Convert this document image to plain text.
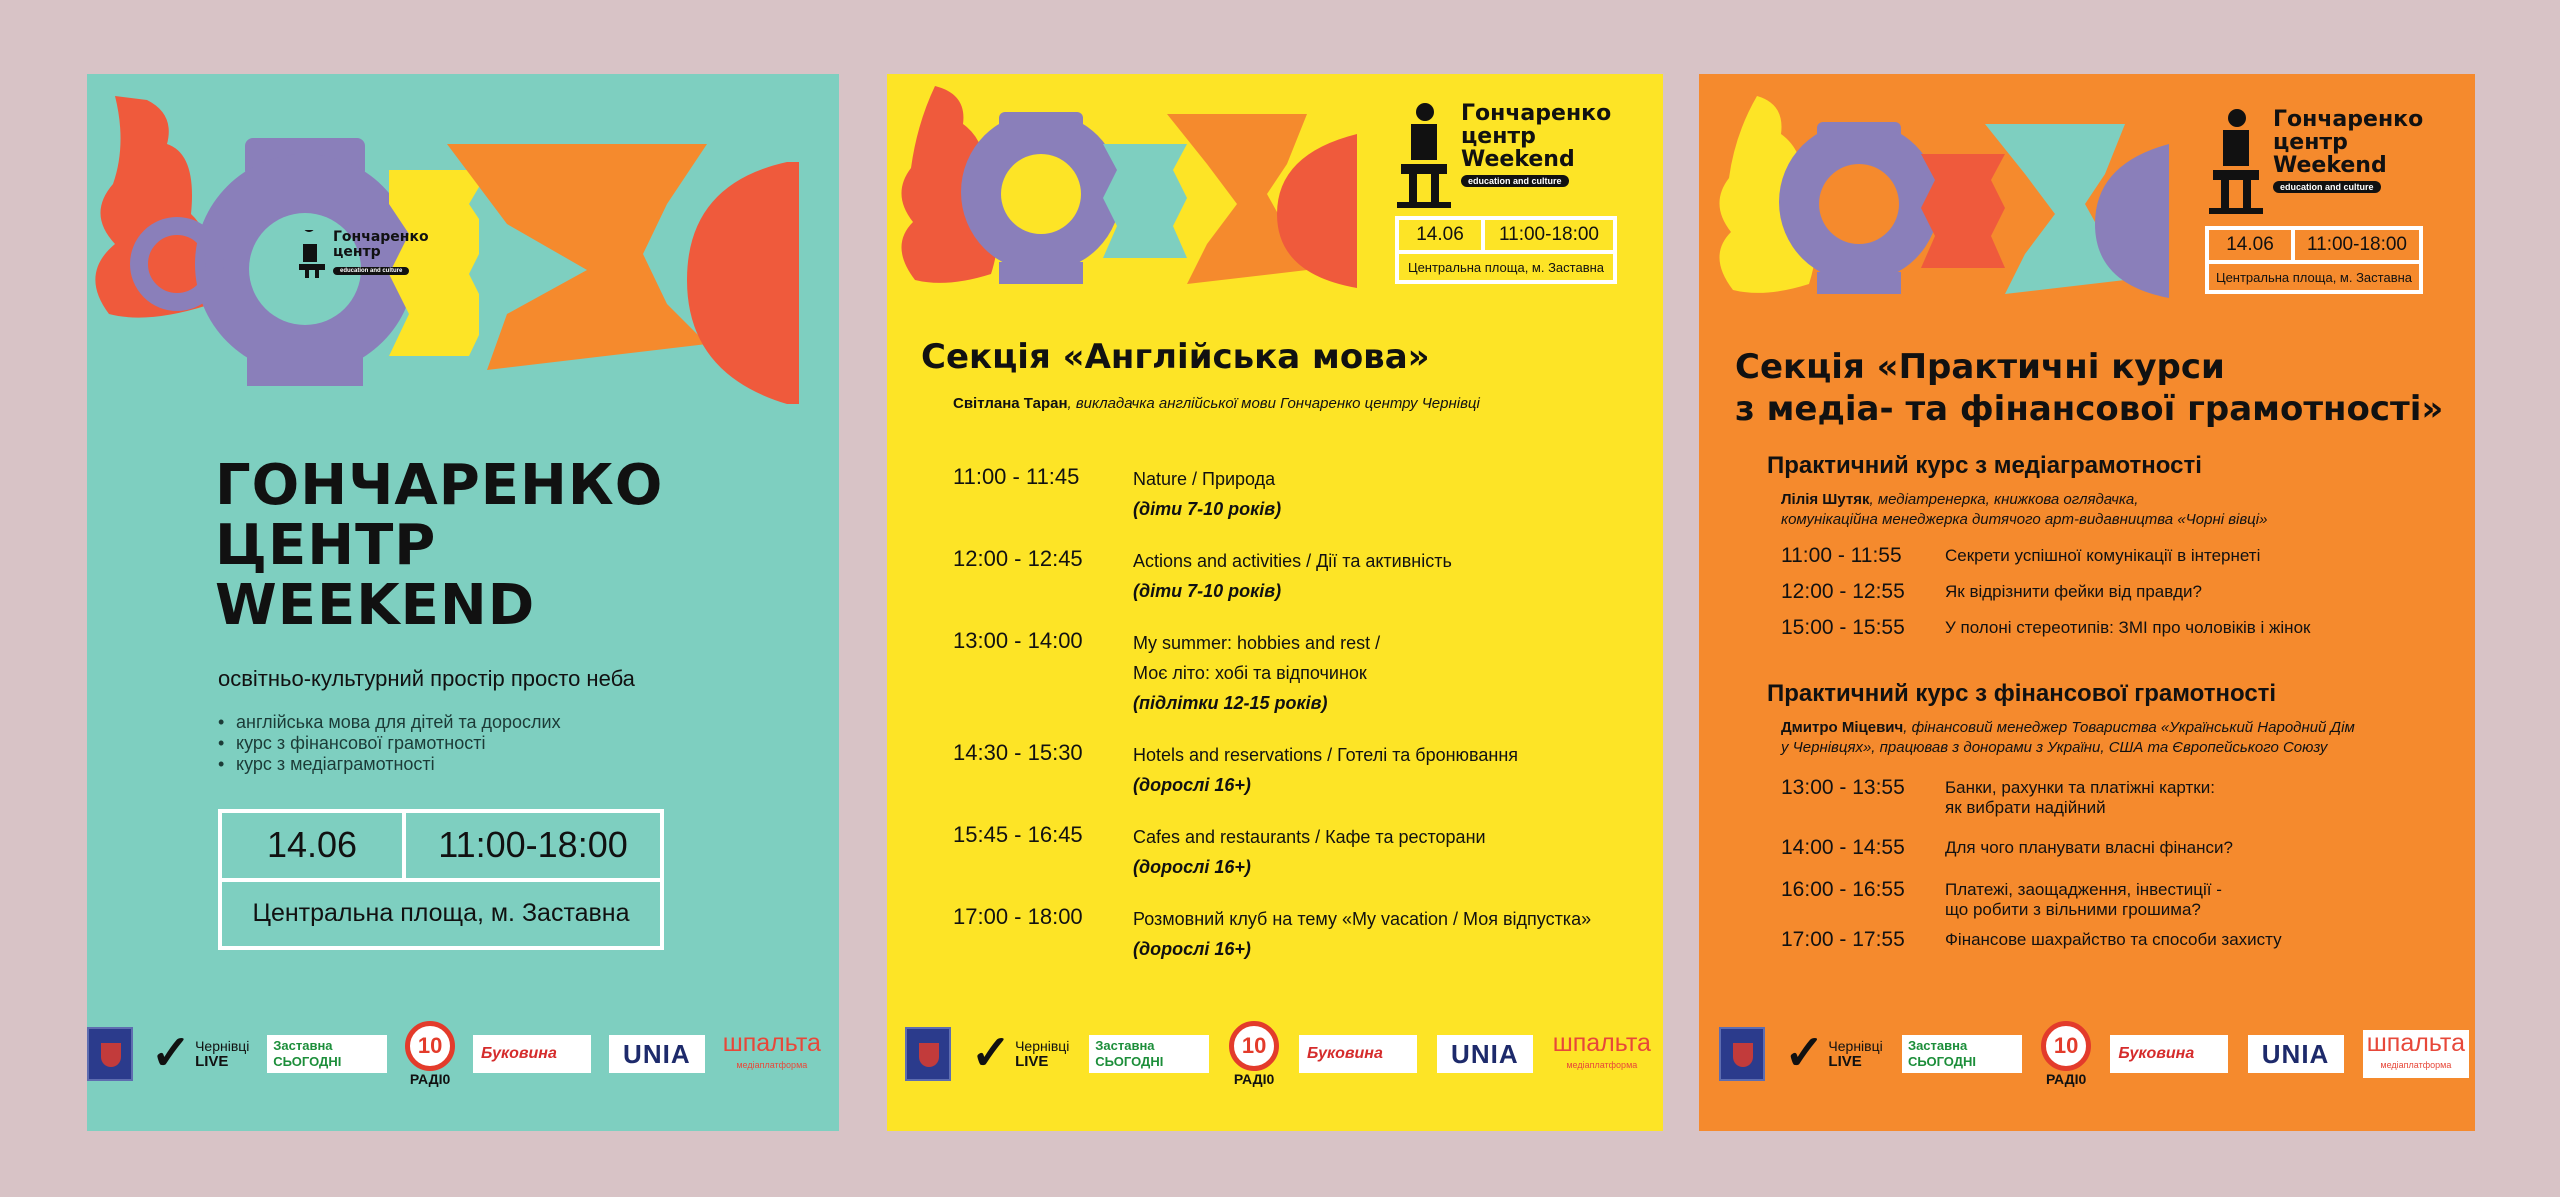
Гончаренко
центр
education and culture
ГОНЧАРЕНКО
ЦЕНТР
WEEKEND
освітньо-культурний простір просто неба
• англійська мова для дітей та дорослих
• курс з фінансової грамотності
• курс з медіаграмотності
14.06	11:00-18:00
Центральна площа, м. Заставна
✓ Чернівці
LIVE
Заставна
СЬОГОДНІ
10
РАДІ0
Буковина	UNIA	шпальта
медіаплатформа
Гончаренко
центр
Weekend
education and culture
14.06	11:00-18:00
Центральна площа, м. Заставна
Секція «Англійська мова»
Світлана Таран, викладачка англійської мови Гончаренко центру Чернівці
11:00 - 11:45	Nature / Природа
(діти 7-10 років)
12:00 - 12:45	Actions and activities / Дії та активність
(діти 7-10 років)
13:00 - 14:00	My summer: hobbies and rest /
Моє літо: хобі та відпочинок
(підлітки 12-15 років)
14:30 - 15:30	Hotels and reservations / Готелі та бронювання
(дорослі 16+)
15:45 - 16:45	Cafes and restaurants / Кафе та ресторани
(дорослі 16+)
17:00 - 18:00	Розмовний клуб на тему «My vacation / Моя відпустка»
(дорослі 16+)
✓ Чернівці
LIVE
Заставна
СЬОГОДНІ
10
РАДІ0
Буковина	UNIA	шпальта
медіаплатформа
Гончаренко
центр
Weekend
education and culture
14.06	11:00-18:00
Центральна площа, м. Заставна
Секція «Практичні курси
з медіа- та фінансової грамотності»
Практичний курс з медіаграмотності
Лілія Шутяк, медіатренерка, книжкова оглядачка,
комунікаційна менеджерка дитячого арт-видавництва «Чорні вівці»
11:00 - 11:55	Секрети успішної комунікації в інтернеті
12:00 - 12:55	Як відрізнити фейки від правди?
15:00 - 15:55	У полоні стереотипів: ЗМІ про чоловіків і жінок
Практичний курс з фінансової грамотності
Дмитро Міцевич, фінансовий менеджер Товариства «Український Народний Дім
у Чернівцях», працював з донорами з України, США та Європейського Союзу
13:00 - 13:55	Банки, рахунки та платіжні картки:
як вибрати надійний
14:00 - 14:55	Для чого планувати власні фінанси?
16:00 - 16:55	Платежі, заощадження, інвестиції -
що робити з вільними грошима?
17:00 - 17:55	Фінансове шахрайство та способи захисту
✓ Чернівці
LIVE
Заставна
СЬОГОДНІ
10
РАДІ0
Буковина	UNIA	шпальта
медіаплатформа
